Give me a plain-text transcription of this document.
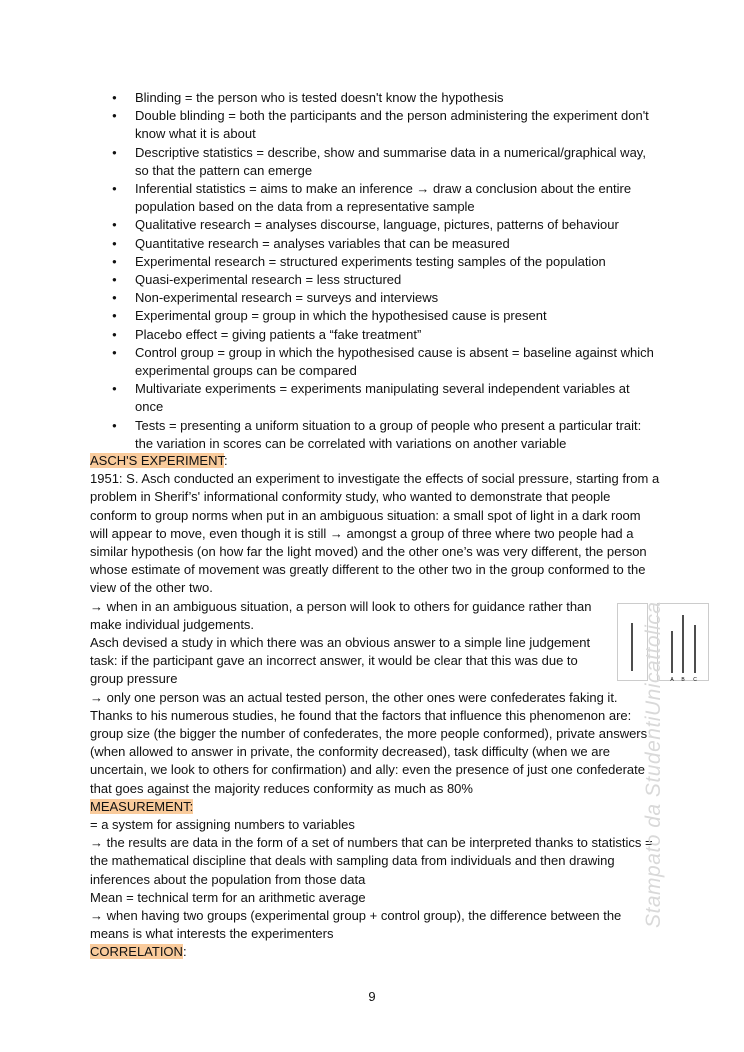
● Blinding = the person who is tested doesn't know the hypothesis
● Double blinding = both the participants and the person administering the experiment don't know what it is about
● Descriptive statistics = describe, show and summarise data in a numerical/graphical way, so that the pattern can emerge
● Inferential statistics = aims to make an inference → draw a conclusion about the entire population based on the data from a representative sample
● Qualitative research = analyses discourse, language, pictures, patterns of behaviour
● Quantitative research = analyses variables that can be measured
● Experimental research = structured experiments testing samples of the population
● Quasi-experimental research = less structured
● Non-experimental research = surveys and interviews
● Experimental group = group in which the hypothesised cause is present
● Placebo effect = giving patients a “fake treatment”
● Control group = group in which the hypothesised cause is absent = baseline against which experimental groups can be compared
● Multivariate experiments = experiments manipulating several independent variables at once
● Tests = presenting a uniform situation to a group of people who present a particular trait: the variation in scores can be correlated with variations on another variable

ASCH'S EXPERIMENT:

1951: S. Asch conducted an experiment to investigate the effects of social pressure, starting from a problem in Sherif’s' informational conformity study, who wanted to demonstrate that people conform to group norms when put in an ambiguous situation: a small spot of light in a dark room will appear to move, even though it is still → amongst a group of three where two people had a similar hypothesis (on how far the light moved) and the other one’s was very different, the person whose estimate of movement was greatly different to the other two in the group conformed to the view of the other two.

→ when in an ambiguous situation, a person will look to others for guidance rather than make individual judgements.

Asch devised a study in which there was an obvious answer to a simple line judgement task: if the participant gave an incorrect answer, it would be clear that this was due to group pressure

→ only one person was an actual tested person, the other ones were confederates faking it. Thanks to his numerous studies, he found that the factors that influence this phenomenon are: group size (the bigger the number of confederates, the more people conformed), private answers (when allowed to answer in private, the conformity decreased), task difficulty (when we are uncertain, we look to others for confirmation) and ally: even the presence of just one confederate that goes against the majority reduces conformity as much as 80%

MEASUREMENT:

= a system for assigning numbers to variables

→ the results are data in the form of a set of numbers that can be interpreted thanks to statistics = the mathematical discipline that deals with sampling data from individuals and then drawing inferences about the population from those data

Mean = technical term for an arithmetic average

→ when having two groups (experimental group + control group), the difference between the means is what interests the experimenters

CORRELATION:

A B C
Stampato da StudentiUnicattolica
9
